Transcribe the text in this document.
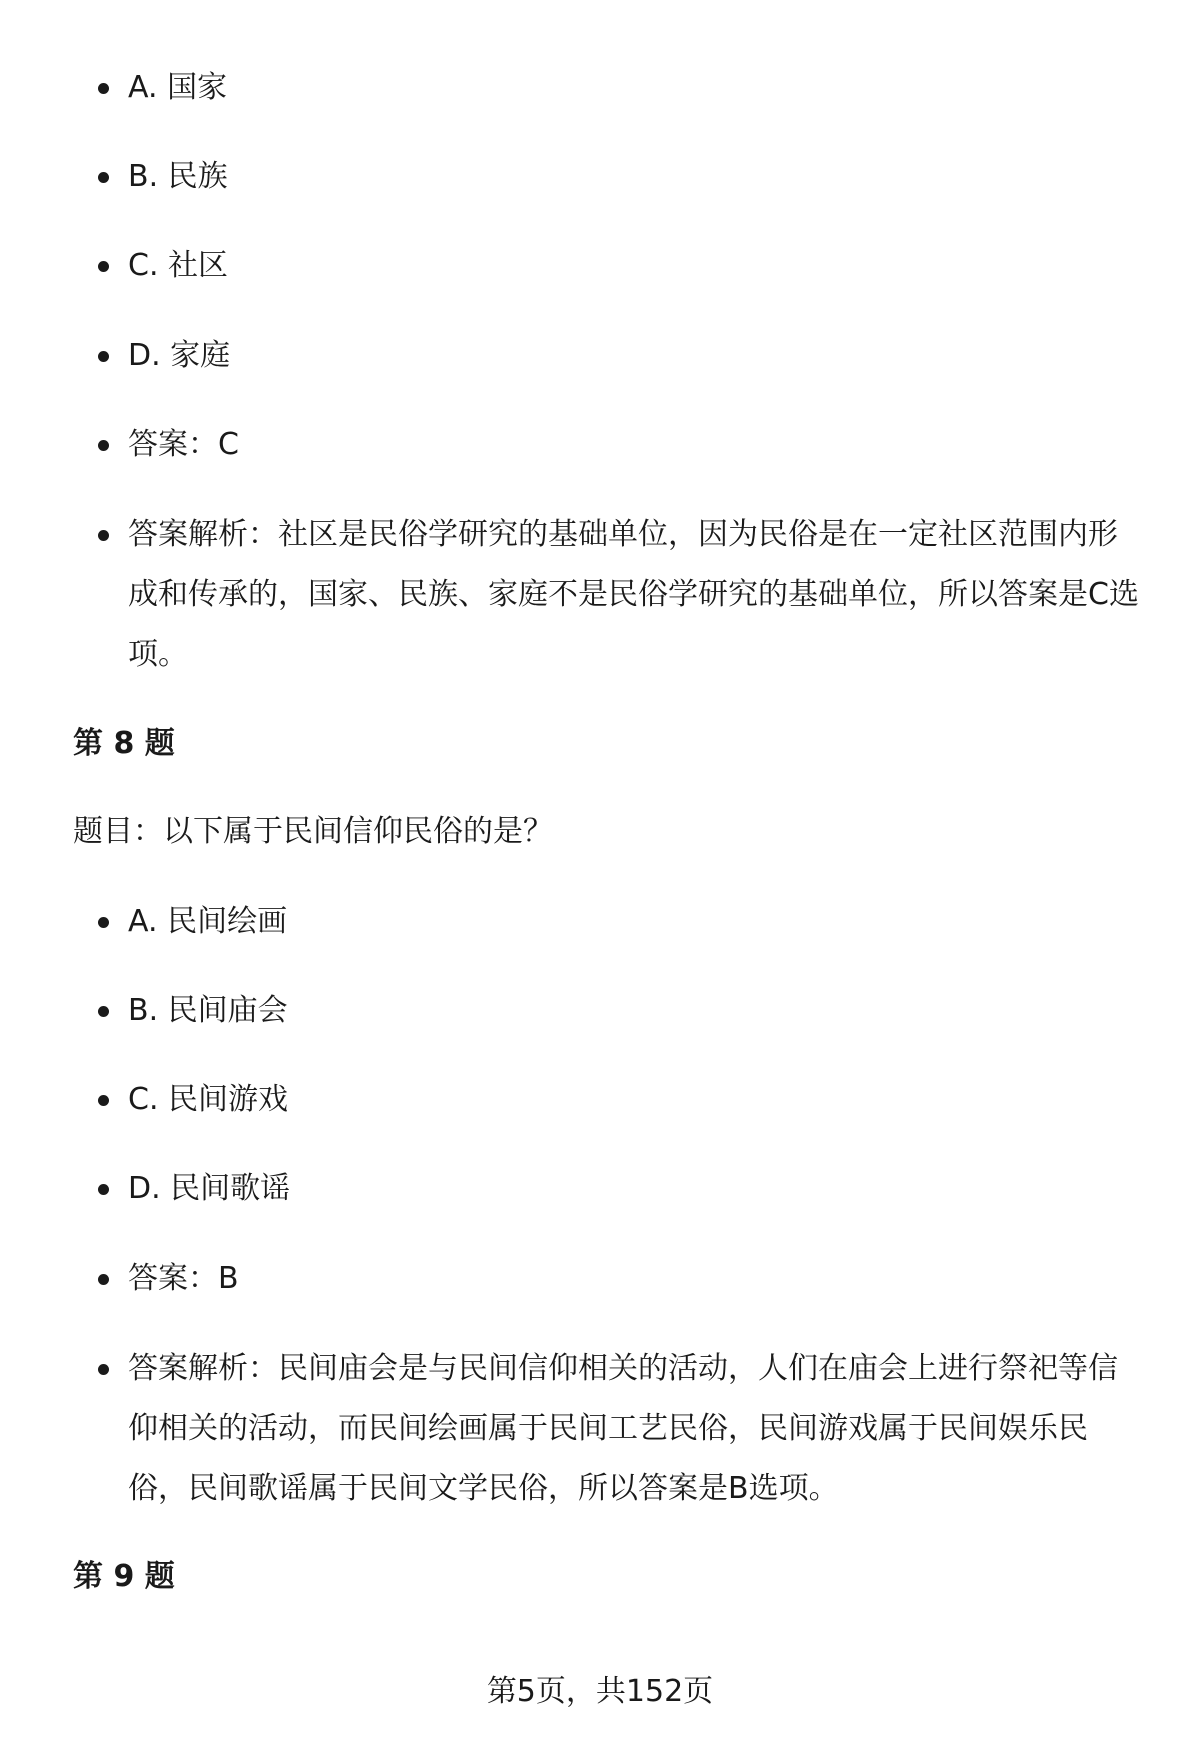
A. 国家
B. 民族
C. 社区
D. 家庭
答案：C
答案解析：社区是民俗学研究的基础单位，因为民俗是在一定社区范围内形成和传承的，国家、民族、家庭不是民俗学研究的基础单位，所以答案是C选项。
第 8 题
题目：以下属于民间信仰民俗的是？
A. 民间绘画
B. 民间庙会
C. 民间游戏
D. 民间歌谣
答案：B
答案解析：民间庙会是与民间信仰相关的活动，人们在庙会上进行祭祀等信仰相关的活动，而民间绘画属于民间工艺民俗，民间游戏属于民间娱乐民俗，民间歌谣属于民间文学民俗，所以答案是B选项。
第 9 题
第5页，共152页
